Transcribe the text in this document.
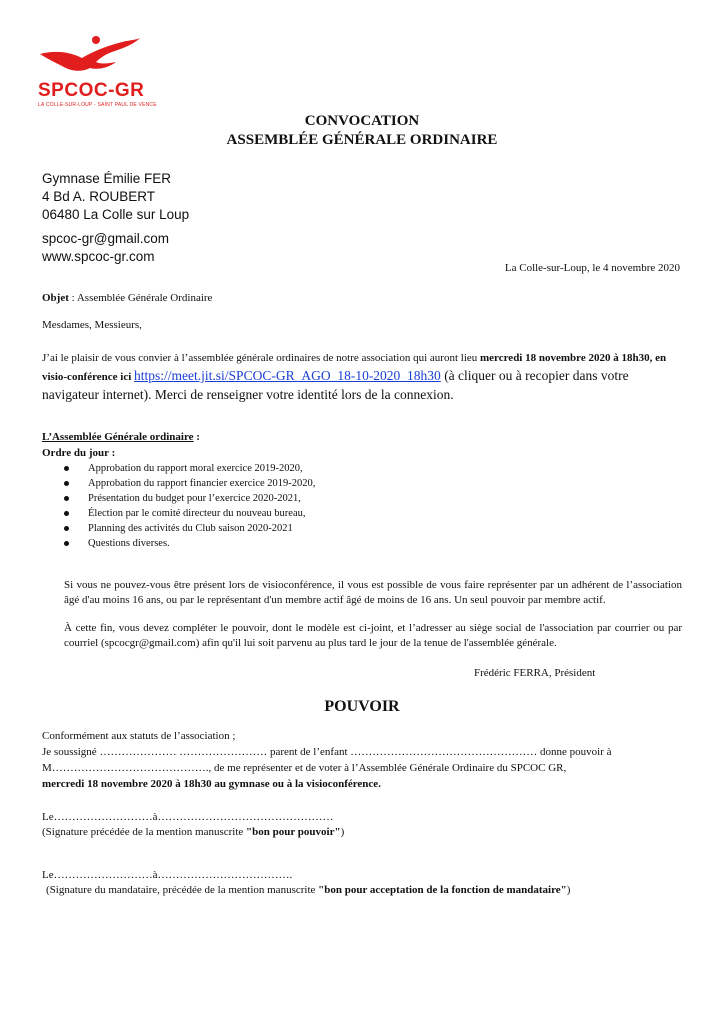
SPCOC-GR
LA COLLE-SUR-LOUP - SAINT PAUL DE VENCE
CONVOCATION
ASSEMBLÉE GÉNÉRALE ORDINAIRE
Gymnase Émilie FER
4 Bd A. ROUBERT
06480 La Colle sur Loup
spcoc-gr@gmail.com
www.spcoc-gr.com
La Colle-sur-Loup, le 4 novembre 2020
Objet : Assemblée Générale Ordinaire
Mesdames, Messieurs,
J’ai le plaisir de vous convier à l’assemblée générale ordinaires de notre association qui auront lieu mercredi 18 novembre 2020 à 18h30, en visio-conférence ici https://meet.jit.si/SPCOC-GR_AGO_18-10-2020_18h30 (à cliquer ou à recopier dans votre navigateur internet). Merci de renseigner votre identité lors de la connexion.
L’Assemblée Générale ordinaire :
Ordre du jour :
Approbation du rapport moral exercice 2019-2020,
Approbation du rapport financier exercice 2019-2020,
Présentation du budget pour l’exercice 2020-2021,
Élection par le comité directeur du nouveau bureau,
Planning des activités du Club saison 2020-2021
Questions diverses.
Si vous ne pouvez-vous être présent lors de visioconférence, il vous est possible de vous faire représenter par un adhérent de l’association âgé d'au moins 16 ans, ou par le représentant d'un membre actif âgé de moins de 16 ans. Un seul pouvoir par membre actif.
À cette fin, vous devez compléter le pouvoir, dont le modèle est ci-joint, et l’adresser au siège social de l'association par courrier ou par courriel (spcocgr@gmail.com) afin qu'il lui soit parvenu au plus tard le jour de la tenue de l'assemblée générale.
Frédéric FERRA, Président
POUVOIR
Conformément aux statuts de l’association ;
Je soussigné ………………… …………………… parent de l’enfant …………………………………………… donne pouvoir à
M……………………………………., de me représenter et de voter à l’Assemblée Générale Ordinaire du SPCOC GR,
mercredi 18 novembre 2020 à 18h30 au gymnase ou à la visioconférence.
Le………………………à…………………………………………
(Signature précédée de la mention manuscrite "bon pour pouvoir")
Le………………………à……………………………….
(Signature du mandataire, précédée de la mention manuscrite "bon pour acceptation de la fonction de mandataire")
